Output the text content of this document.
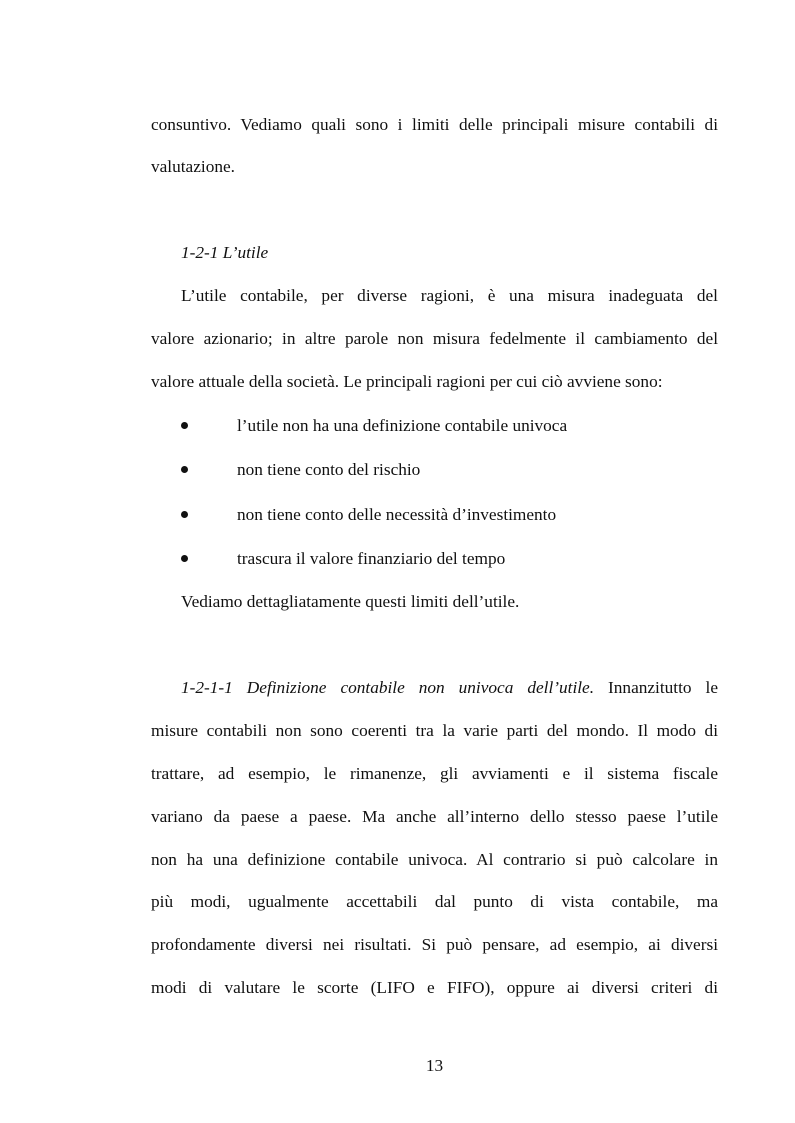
consuntivo. Vediamo quali sono i limiti delle principali misure contabili di
valutazione.
1-2-1 L’utile
L’utile contabile, per diverse ragioni, è una misura inadeguata del
valore azionario; in altre parole non misura fedelmente il cambiamento del
valore attuale della società. Le principali ragioni per cui ciò avviene sono:
l’utile non ha una definizione contabile univoca
non tiene conto del rischio
non tiene conto delle necessità d’investimento
trascura il valore finanziario del tempo
Vediamo dettagliatamente questi limiti dell’utile.
1-2-1-1 Definizione contabile non univoca dell’utile. Innanzitutto le
misure contabili non sono coerenti tra la varie parti del mondo. Il modo di
trattare, ad esempio, le rimanenze, gli avviamenti e il sistema fiscale
variano da paese a paese. Ma anche all’interno dello stesso paese l’utile
non ha una definizione contabile univoca. Al contrario si può calcolare in
più modi, ugualmente accettabili dal punto di vista contabile, ma
profondamente diversi nei risultati. Si può pensare, ad esempio, ai diversi
modi di valutare le scorte (LIFO e FIFO), oppure ai diversi criteri di
13
